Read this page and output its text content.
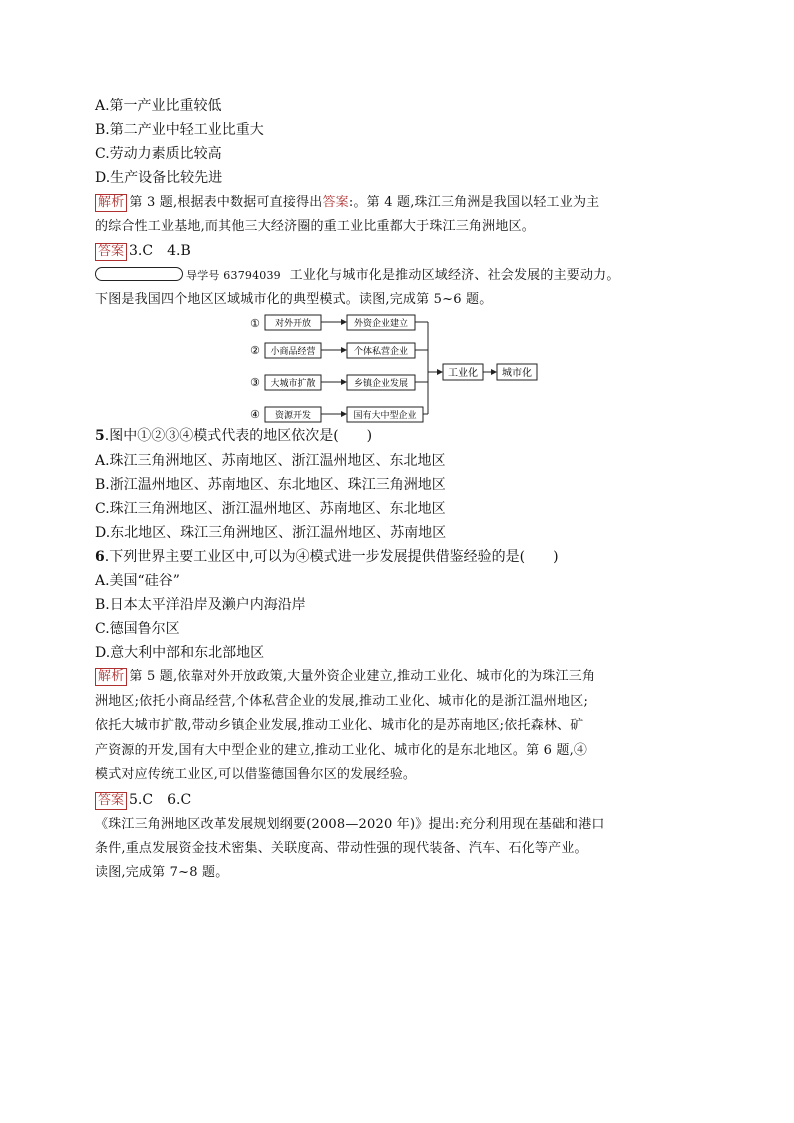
A.第一产业比重较低
B.第二产业中轻工业比重大
C.劳动力素质比较高
D.生产设备比较先进
解析 第 3 题,根据表中数据可直接得出答案:。第 4 题,珠江三角洲是我国以轻工业为主
的综合性工业基地,而其他三大经济圈的重工业比重都大于珠江三角洲地区。
答案 3.C　4.B
导学号 63794039 工业化与城市化是推动区域经济、社会发展的主要动力。
下图是我国四个地区区域城市化的典型模式。读图,完成第 5~6 题。
① 对外开放	外资企业建立
② 小商品经营	个体私营企业
③ 大城市扩散	乡镇企业发展
④ 资源开发	国有大中型企业
工业化 城市化
5.图中①②③④模式代表的地区依次是(　　)
A.珠江三角洲地区、苏南地区、浙江温州地区、东北地区
B.浙江温州地区、苏南地区、东北地区、珠江三角洲地区
C.珠江三角洲地区、浙江温州地区、苏南地区、东北地区
D.东北地区、珠江三角洲地区、浙江温州地区、苏南地区
6.下列世界主要工业区中,可以为④模式进一步发展提供借鉴经验的是(　　)
A.美国“硅谷”
B.日本太平洋沿岸及濑户内海沿岸
C.德国鲁尔区
D.意大利中部和东北部地区
解析 第 5 题,依靠对外开放政策,大量外资企业建立,推动工业化、城市化的为珠江三角
洲地区;依托小商品经营,个体私营企业的发展,推动工业化、城市化的是浙江温州地区;
依托大城市扩散,带动乡镇企业发展,推动工业化、城市化的是苏南地区;依托森林、矿
产资源的开发,国有大中型企业的建立,推动工业化、城市化的是东北地区。第 6 题,④
模式对应传统工业区,可以借鉴德国鲁尔区的发展经验。
答案 5.C　6.C
《珠江三角洲地区改革发展规划纲要(2008—2020 年)》提出:充分利用现在基础和港口
条件,重点发展资金技术密集、关联度高、带动性强的现代装备、汽车、石化等产业。
读图,完成第 7~8 题。
